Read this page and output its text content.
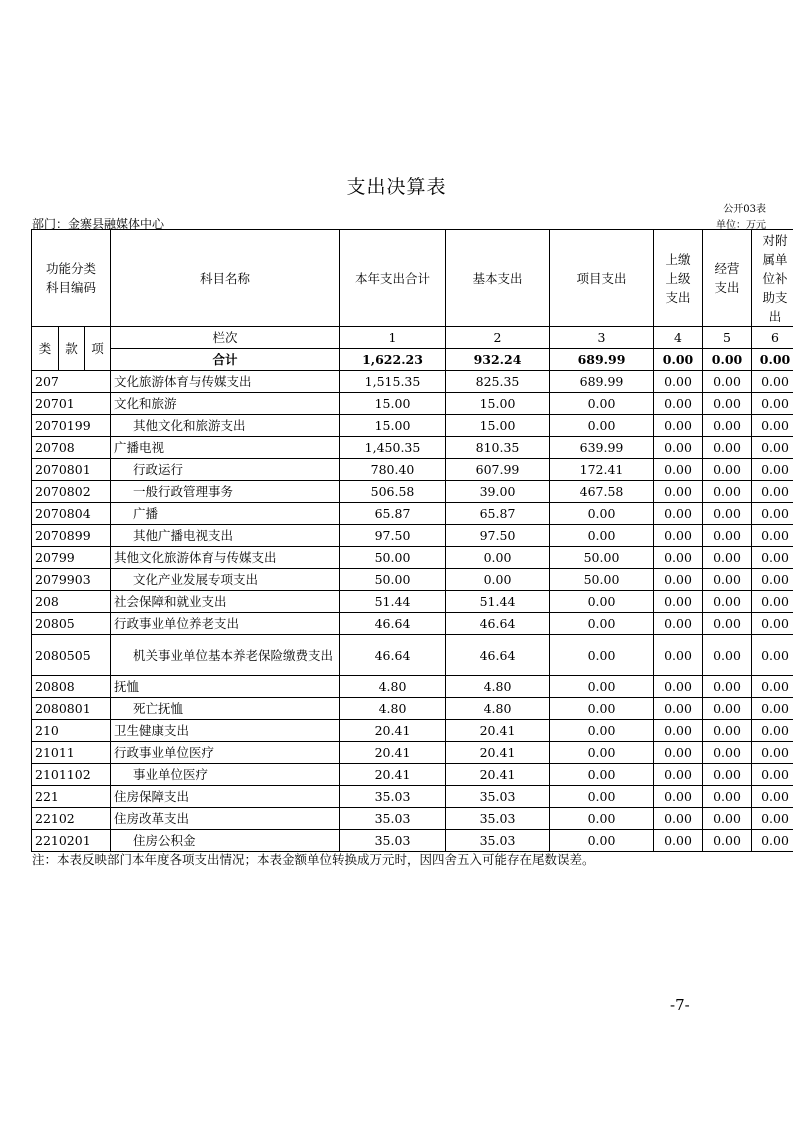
支出决算表
公开03表
部门：金寨县融媒体中心	单位：万元
功能分类科目编码			科目名称	本年支出合计	基本支出	项目支出	上缴上级支出	经营支出	对附属单位补助支出
类	款	项	栏次	1	2	3	4	5	6
			合计	1,622.23	932.24	689.99	0.00	0.00	0.00
207			文化旅游体育与传媒支出	1,515.35	825.35	689.99	0.00	0.00	0.00
20701			文化和旅游	15.00	15.00	0.00	0.00	0.00	0.00
2070199			其他文化和旅游支出	15.00	15.00	0.00	0.00	0.00	0.00
20708			广播电视	1,450.35	810.35	639.99	0.00	0.00	0.00
2070801			行政运行	780.40	607.99	172.41	0.00	0.00	0.00
2070802			一般行政管理事务	506.58	39.00	467.58	0.00	0.00	0.00
2070804			广播	65.87	65.87	0.00	0.00	0.00	0.00
2070899			其他广播电视支出	97.50	97.50	0.00	0.00	0.00	0.00
20799			其他文化旅游体育与传媒支出	50.00	0.00	50.00	0.00	0.00	0.00
2079903			文化产业发展专项支出	50.00	0.00	50.00	0.00	0.00	0.00
208			社会保障和就业支出	51.44	51.44	0.00	0.00	0.00	0.00
20805			行政事业单位养老支出	46.64	46.64	0.00	0.00	0.00	0.00
2080505			机关事业单位基本养老保险缴费支出	46.64	46.64	0.00	0.00	0.00	0.00
20808			抚恤	4.80	4.80	0.00	0.00	0.00	0.00
2080801			死亡抚恤	4.80	4.80	0.00	0.00	0.00	0.00
210			卫生健康支出	20.41	20.41	0.00	0.00	0.00	0.00
21011			行政事业单位医疗	20.41	20.41	0.00	0.00	0.00	0.00
2101102			事业单位医疗	20.41	20.41	0.00	0.00	0.00	0.00
221			住房保障支出	35.03	35.03	0.00	0.00	0.00	0.00
22102			住房改革支出	35.03	35.03	0.00	0.00	0.00	0.00
2210201			住房公积金	35.03	35.03	0.00	0.00	0.00	0.00
注：本表反映部门本年度各项支出情况；本表金额单位转换成万元时，因四舍五入可能存在尾数误差。
-7-
